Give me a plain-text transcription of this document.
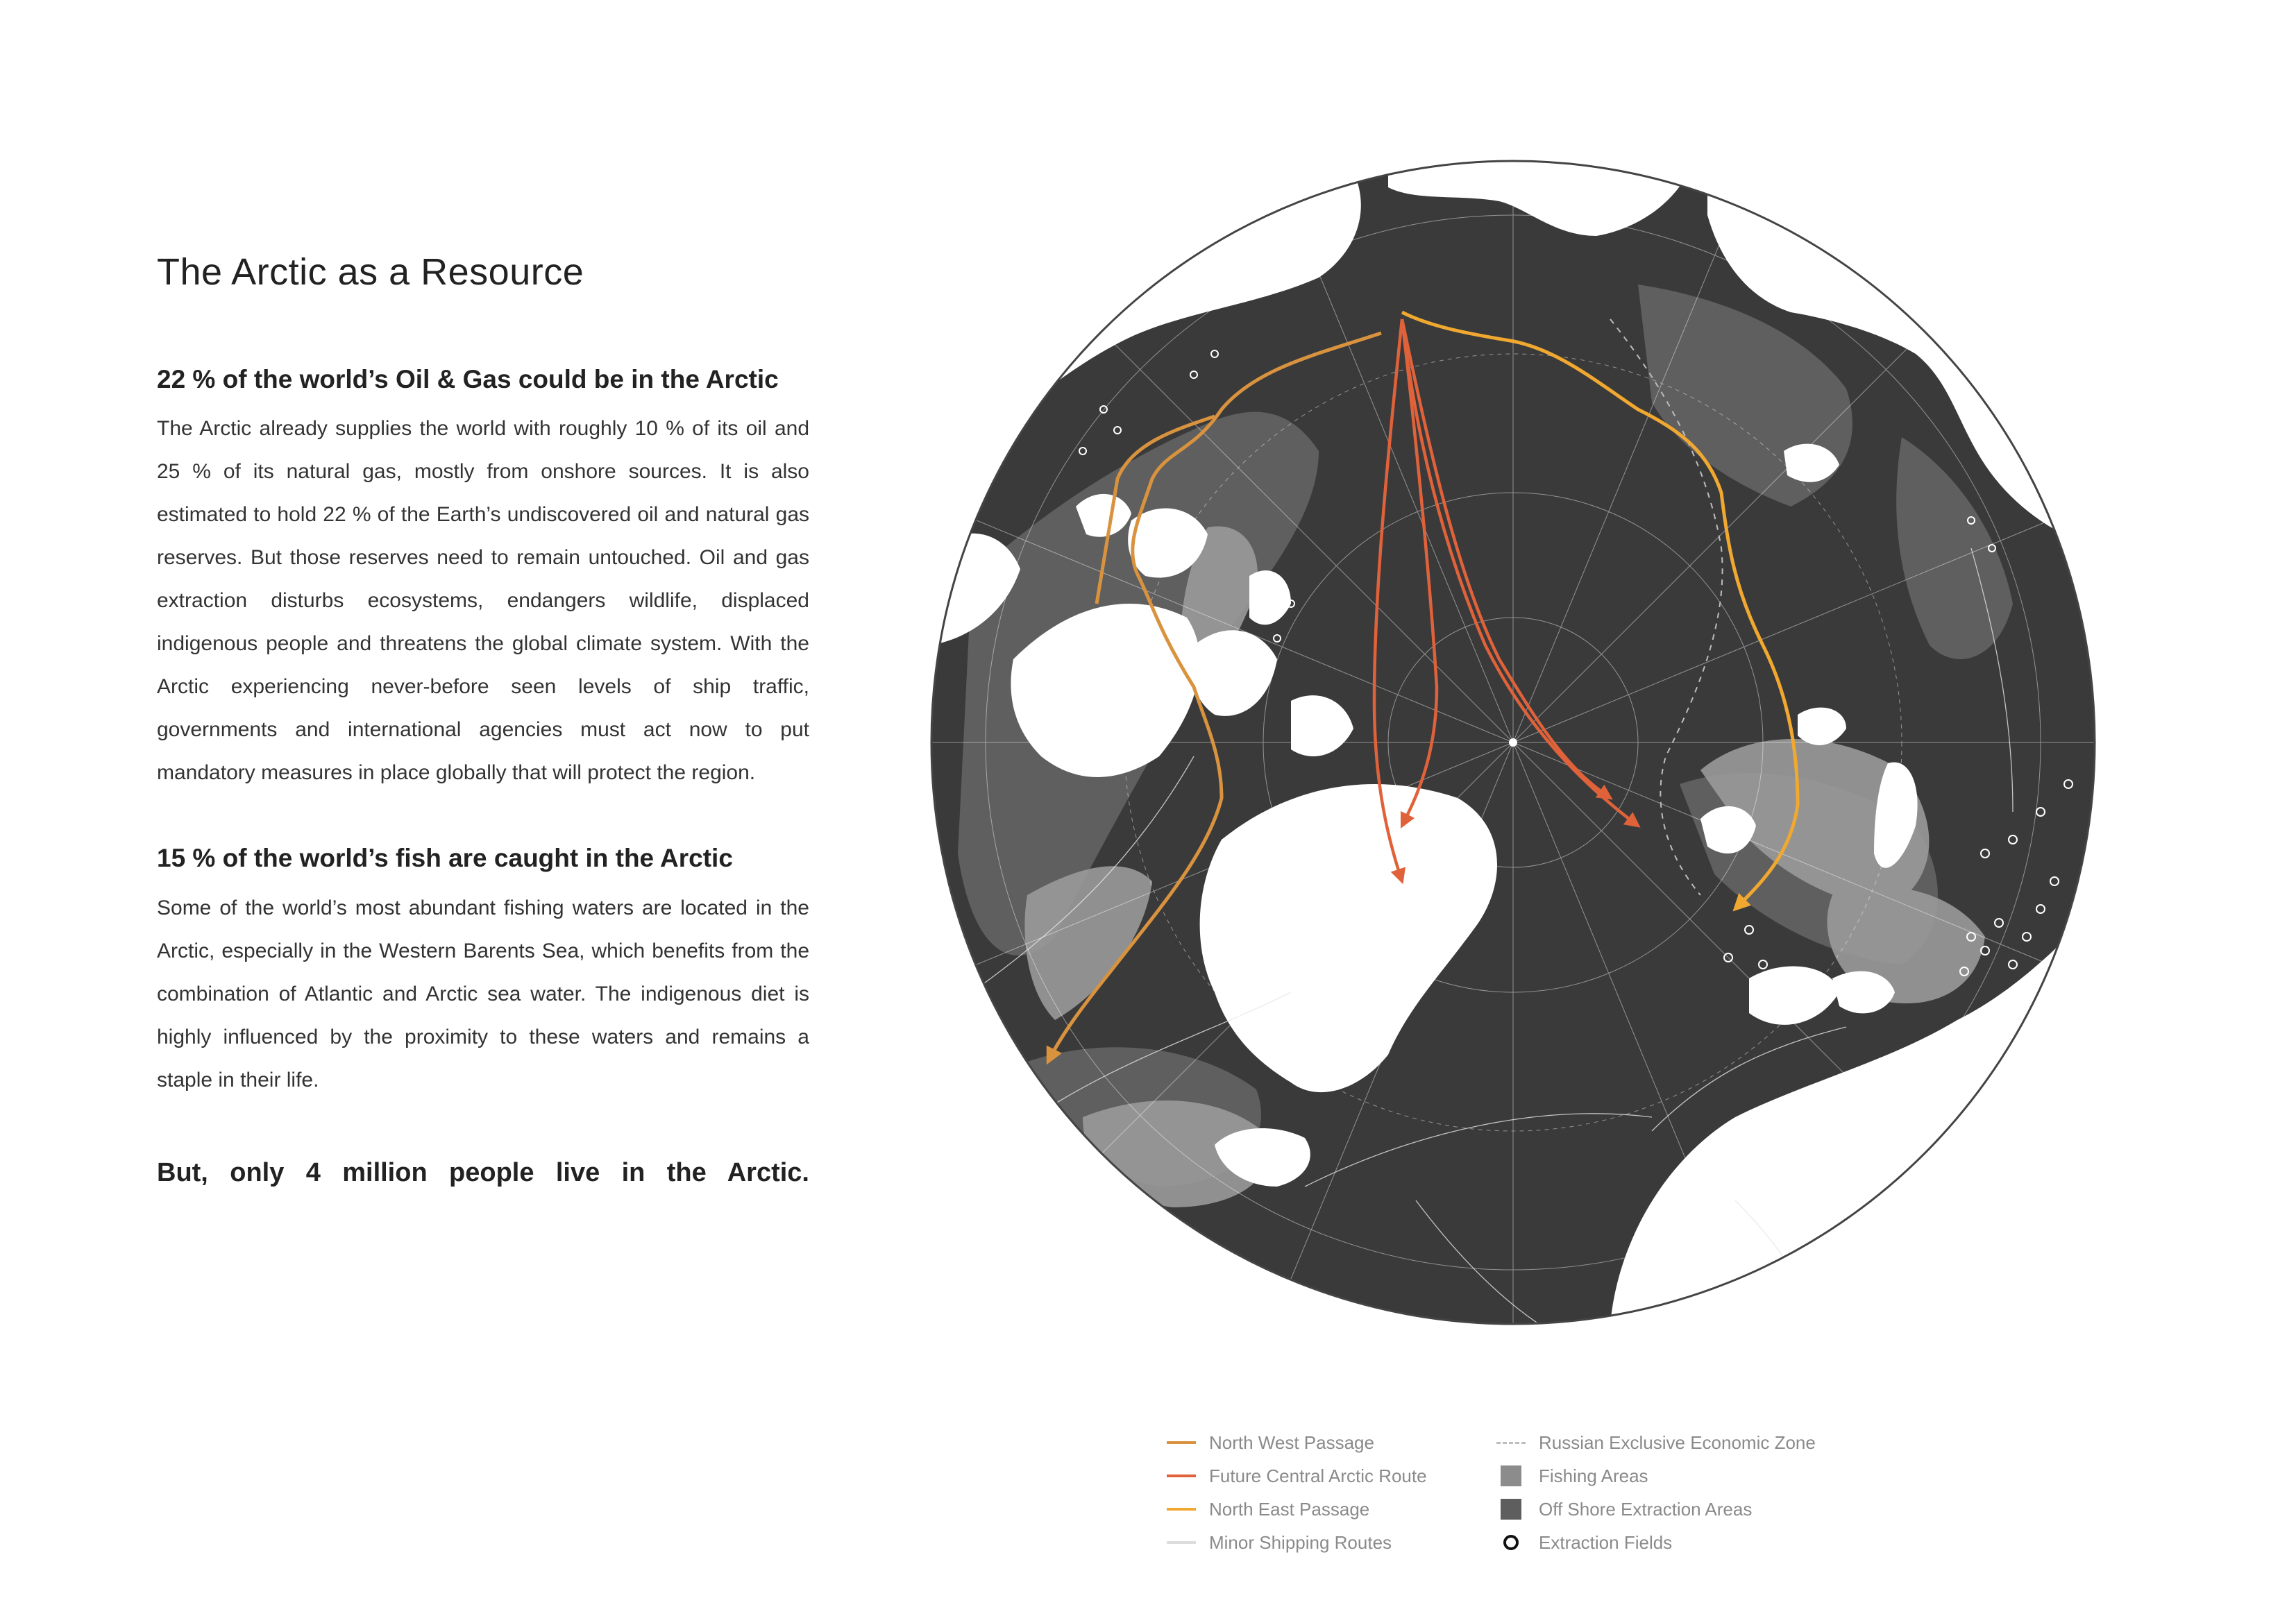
The Arctic as a Resource
22 % of the world’s Oil & Gas could be in the Arctic

The Arctic already supplies the world with roughly 10 % of its oil and 25 % of its natural gas, mostly from onshore sources. It is also estimated to hold 22 % of the Earth’s undiscovered oil and natural gas reserves. But those reserves need to remain untouched. Oil and gas extraction disturbs ecosystems, endangers wildlife, displaced indigenous people and threatens the global climate system. With the Arctic experiencing never-before seen levels of ship traffic, governments and international agencies must act now to put mandatory measures in place globally that will protect the region.

15 % of the world’s fish are caught in the Arctic

Some of the world’s most abundant fishing waters are located in the Arctic, especially in the Western Barents Sea, which benefits from the combination of Atlantic and Arctic sea water. The indigenous diet is highly influenced by the proximity to these waters and remains a staple in their life.

But, only 4 million people live in the Arctic.

North West Passage
Future Central Arctic Route
North East Passage
Minor Shipping Routes
Russian Exclusive Economic Zone
Fishing Areas
Off Shore Extraction Areas
Extraction Fields
